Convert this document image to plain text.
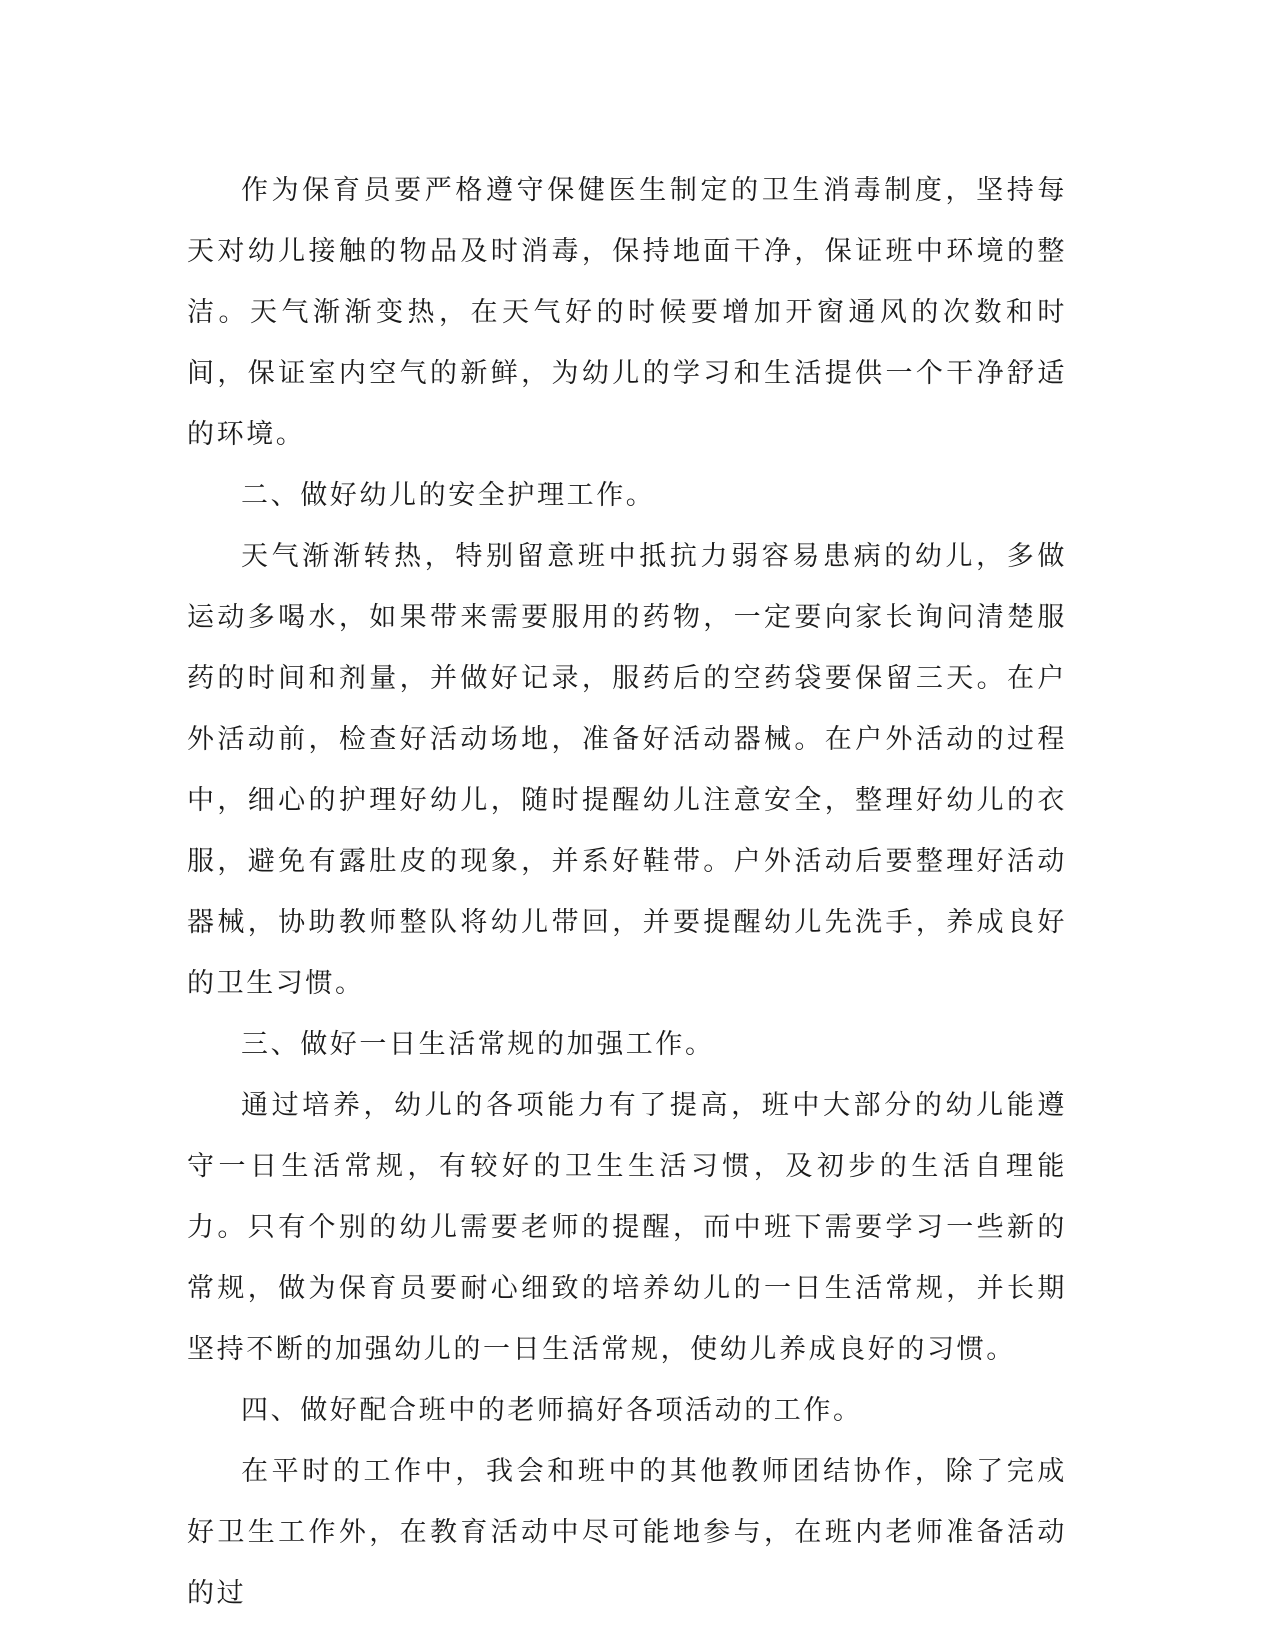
作为保育员要严格遵守保健医生制定的卫生消毒制度，坚持每天对幼儿接触的物品及时消毒，保持地面干净，保证班中环境的整洁。天气渐渐变热，在天气好的时候要增加开窗通风的次数和时间，保证室内空气的新鲜，为幼儿的学习和生活提供一个干净舒适的环境。

二、做好幼儿的安全护理工作。

天气渐渐转热，特别留意班中抵抗力弱容易患病的幼儿，多做运动多喝水，如果带来需要服用的药物，一定要向家长询问清楚服药的时间和剂量，并做好记录，服药后的空药袋要保留三天。在户外活动前，检查好活动场地，准备好活动器械。在户外活动的过程中，细心的护理好幼儿，随时提醒幼儿注意安全，整理好幼儿的衣服，避免有露肚皮的现象，并系好鞋带。户外活动后要整理好活动器械，协助教师整队将幼儿带回，并要提醒幼儿先洗手，养成良好的卫生习惯。

三、做好一日生活常规的加强工作。

通过培养，幼儿的各项能力有了提高，班中大部分的幼儿能遵守一日生活常规，有较好的卫生生活习惯，及初步的生活自理能力。只有个别的幼儿需要老师的提醒，而中班下需要学习一些新的常规，做为保育员要耐心细致的培养幼儿的一日生活常规，并长期坚持不断的加强幼儿的一日生活常规，使幼儿养成良好的习惯。

四、做好配合班中的老师搞好各项活动的工作。

在平时的工作中，我会和班中的其他教师团结协作，除了完成好卫生工作外，在教育活动中尽可能地参与，在班内老师准备活动的过
